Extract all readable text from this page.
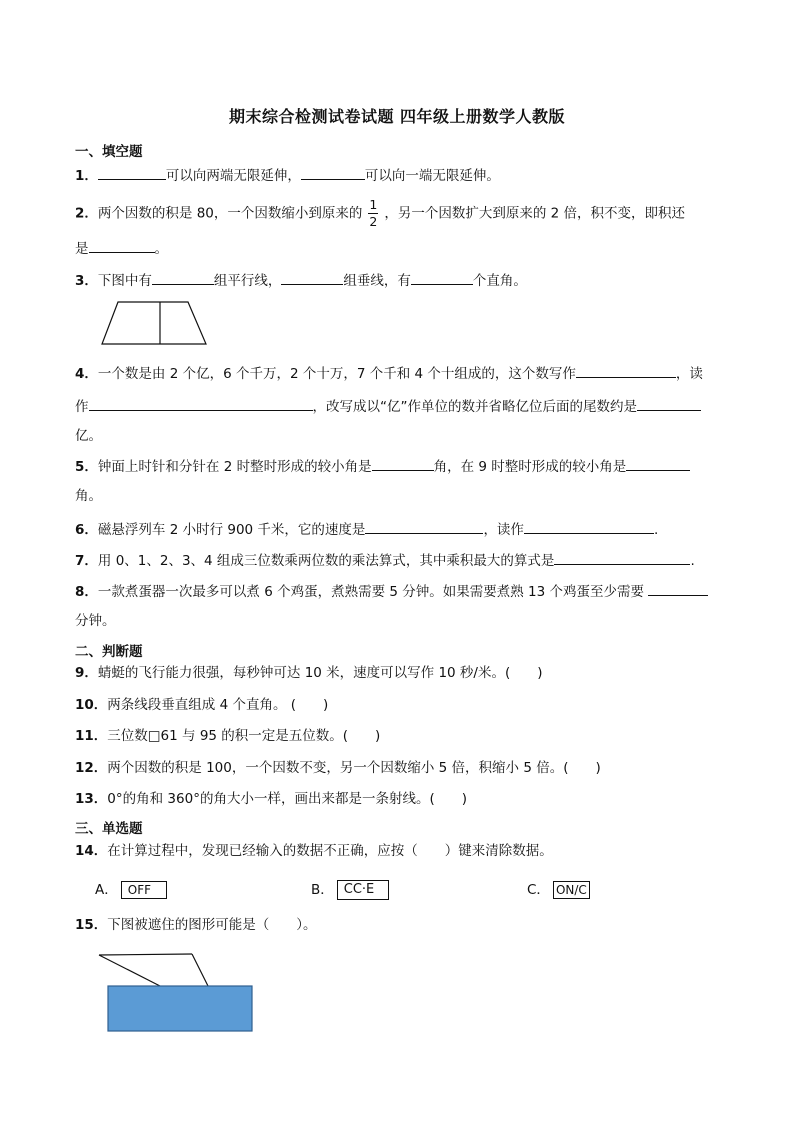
期末综合检测试卷试题 四年级上册数学人教版
一、填空题
1．	可以向两端无限延伸，	可以向一端无限延伸。
2．两个因数的积是 80，一个因数缩小到原来的 $\frac{1}{2}$ ，另一个因数扩大到原来的 2 倍，积不变，即积还
是	。
3．下图中有	组平行线，	组垂线，有	个直角。
4．一个数是由 2 个亿，6 个千万，2 个十万，7 个千和 4 个十组成的，这个数写作	，读
作	，改写成以“亿”作单位的数并省略亿位后面的尾数约是
亿。
5．钟面上时针和分针在 2 时整时形成的较小角是	角，在 9 时整时形成的较小角是
角。
6．磁悬浮列车 2 小时行 900 千米，它的速度是	，读作	.
7．用 0、1、2、3、4 组成三位数乘两位数的乘法算式，其中乘积最大的算式是	.
8．一款煮蛋器一次最多可以煮 6 个鸡蛋，煮熟需要 5 分钟。如果需要煮熟 13 个鸡蛋至少需要
分钟。
二、判断题
9．蜻蜓的飞行能力很强，每秒钟可达 10 米，速度可以写作 10 秒/米。(　　)
10．两条线段垂直组成 4 个直角。 (　　)
11．三位数□61 与 95 的积一定是五位数。(　　)
12．两个因数的积是 100，一个因数不变，另一个因数缩小 5 倍，积缩小 5 倍。(　　)
13．0°的角和 360°的角大小一样，画出来都是一条射线。(　　)
三、单选题
14．在计算过程中，发现已经输入的数据不正确，应按（　　）键来清除数据。
A． OFF	B． CC·E	C． ON/C
15．下图被遮住的图形可能是（　　）。
